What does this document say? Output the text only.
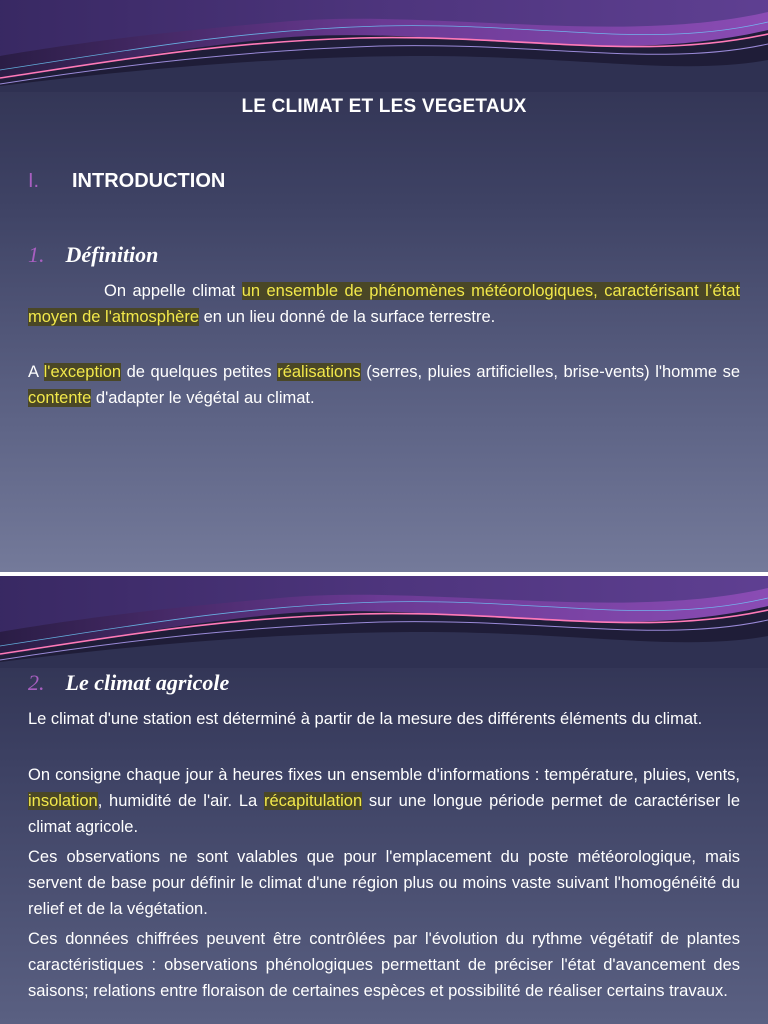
LE CLIMAT ET LES VEGETAUX
I. INTRODUCTION
1. Définition

On appelle climat un ensemble de phénomènes météorologiques, caractérisant l’état moyen de l'atmosphère en un lieu donné de la surface terrestre.

A l'exception de quelques petites réalisations (serres, pluies artificielles, brise-vents) l'homme se contente d'adapter le végétal au climat.

2. Le climat agricole

Le climat d'une station est déterminé à partir de la mesure des différents éléments du climat.

On consigne chaque jour à heures fixes un ensemble d'informations : température, pluies, vents, insolation, humidité de l'air. La récapitulation sur une longue période permet de caractériser le climat agricole.

Ces observations ne sont valables que pour l'emplacement du poste météorologique, mais servent de base pour définir le climat d'une région plus ou moins vaste suivant l'homogénéité du relief et de la végétation.

Ces données chiffrées peuvent être contrôlées par l'évolution du rythme végétatif de plantes caractéristiques : observations phénologiques permettant de préciser l'état d'avancement des saisons; relations entre floraison de certaines espèces et possibilité de réaliser certains travaux.
